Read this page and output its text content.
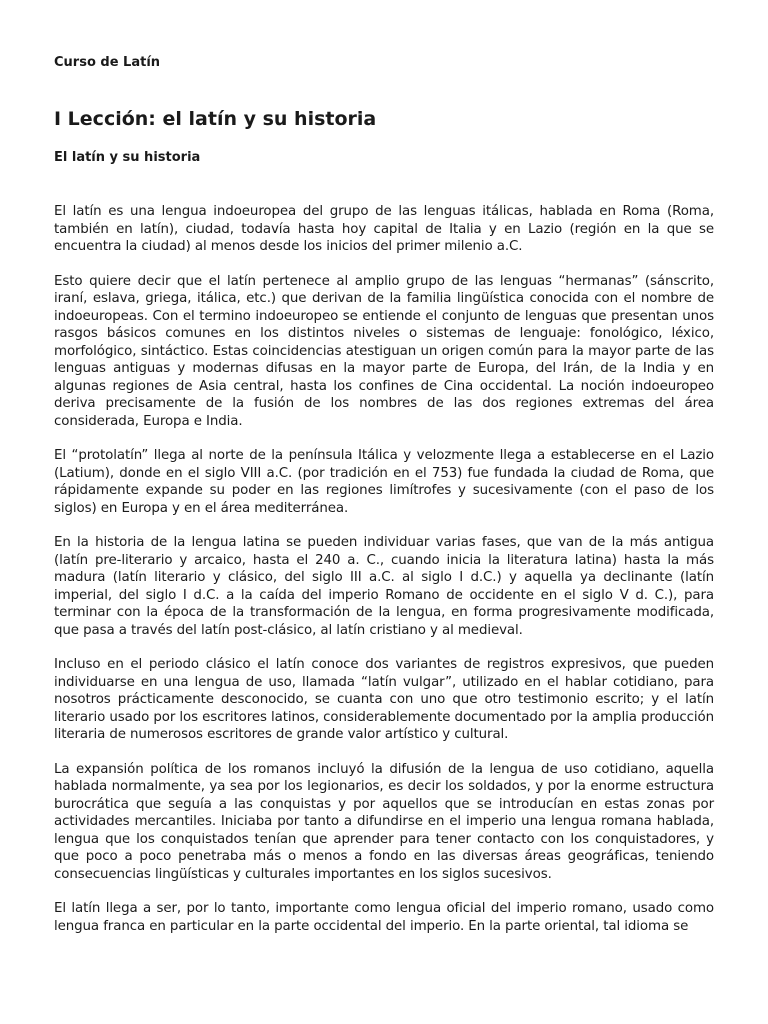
Curso de Latín
I Lección: el latín y su historia
El latín y su historia

El latín es una lengua indoeuropea del grupo de las lenguas itálicas, hablada en Roma (Roma, también en latín), ciudad, todavía hasta hoy capital de Italia y en Lazio (región en la que se encuentra la ciudad) al menos desde los inicios del primer milenio a.C.

Esto quiere decir que el latín pertenece al amplio grupo de las lenguas “hermanas” (sánscrito, iraní, eslava, griega, itálica, etc.) que derivan de la familia lingüística conocida con el nombre de indoeuropeas. Con el termino indoeuropeo se entiende el conjunto de lenguas que presentan unos rasgos básicos comunes en los distintos niveles o sistemas de lenguaje: fonológico, léxico, morfológico, sintáctico. Estas coincidencias atestiguan un origen común para la mayor parte de las lenguas antiguas y modernas difusas en la mayor parte de Europa, del Irán, de la India y en algunas regiones de Asia central, hasta los confines de Cina occidental. La noción indoeuropeo deriva precisamente de la fusión de los nombres de las dos regiones extremas del área considerada, Europa e India.

El “protolatín” llega al norte de la península Itálica y velozmente llega a establecerse en el Lazio (Latium), donde en el siglo VIII a.C. (por tradición en el 753) fue fundada la ciudad de Roma, que rápidamente expande su poder en las regiones limítrofes y sucesivamente (con el paso de los siglos) en Europa y en el área mediterránea.

En la historia de la lengua latina se pueden individuar varias fases, que van de la más antigua (latín pre-literario y arcaico, hasta el 240 a. C., cuando inicia la literatura latina) hasta la más madura (latín literario y clásico, del siglo III a.C. al siglo I d.C.) y aquella ya declinante (latín imperial, del siglo I d.C. a la caída del imperio Romano de occidente en el siglo V d. C.), para terminar con la época de la transformación de la lengua, en forma progresivamente modificada, que pasa a través del latín post-clásico, al latín cristiano y al medieval.

Incluso en el periodo clásico el latín conoce dos variantes de registros expresivos, que pueden individuarse en una lengua de uso, llamada “latín vulgar”, utilizado en el hablar cotidiano, para nosotros prácticamente desconocido, se cuanta con uno que otro testimonio escrito; y el latín literario usado por los escritores latinos, considerablemente documentado por la amplia producción literaria de numerosos escritores de grande valor artístico y cultural.

La expansión política de los romanos incluyó la difusión de la lengua de uso cotidiano, aquella hablada normalmente, ya sea por los legionarios, es decir los soldados, y por la enorme estructura burocrática que seguía a las conquistas y por aquellos que se introducían en estas zonas por actividades mercantiles. Iniciaba por tanto a difundirse en el imperio una lengua romana hablada, lengua que los conquistados tenían que aprender para tener contacto con los conquistadores, y que poco a poco penetraba más o menos a fondo en las diversas áreas geográficas, teniendo consecuencias lingüísticas y culturales importantes en los siglos sucesivos.

El latín llega a ser, por lo tanto, importante como lengua oficial del imperio romano, usado como lengua franca en particular en la parte occidental del imperio. En la parte oriental, tal idioma se
